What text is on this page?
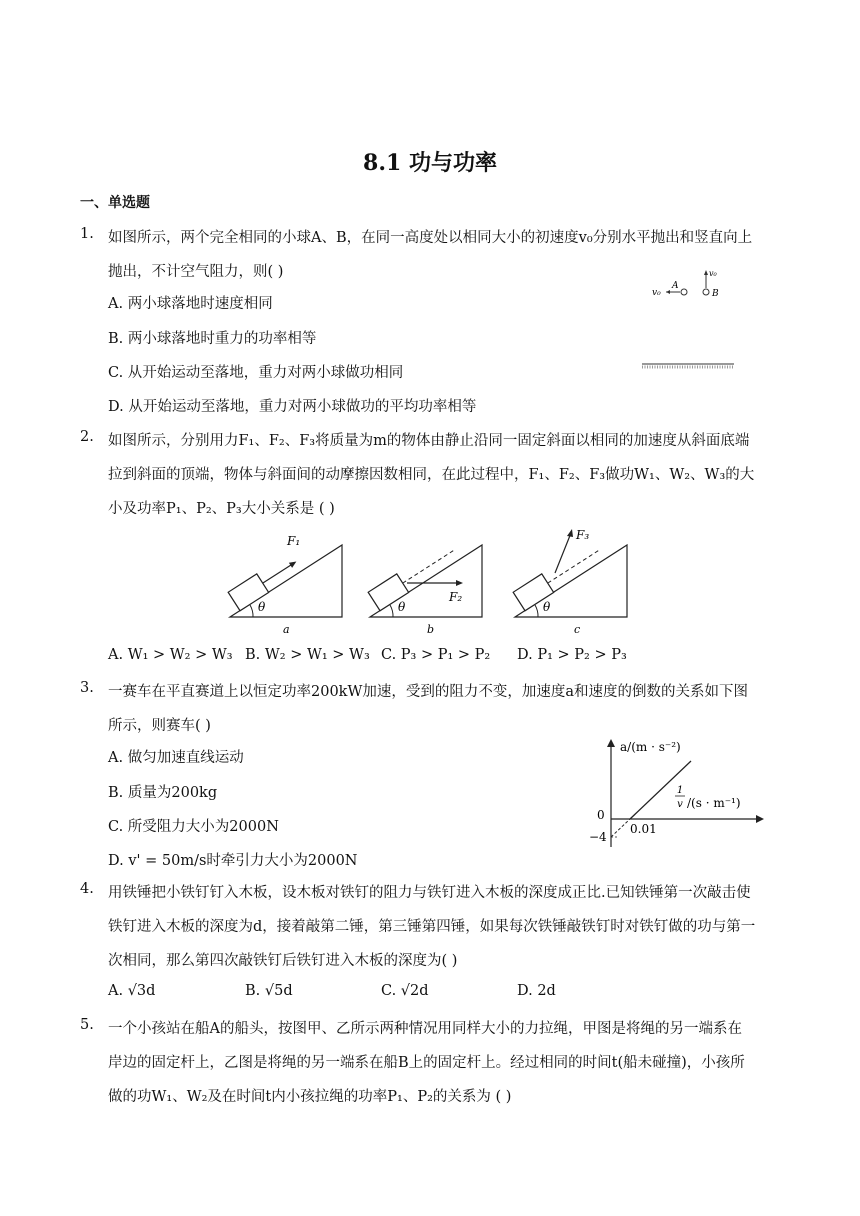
8.1 功与功率
一、单选题
1. 如图所示，两个完全相同的小球A、B，在同一高度处以相同大小的初速度v₀分别水平抛出和竖直向上
抛出，不计空气阻力，则( )
A. 两小球落地时速度相同
B. 两小球落地时重力的功率相等
C. 从开始运动至落地，重力对两小球做功相同
D. 从开始运动至落地，重力对两小球做功的平均功率相等
v₀
A
v₀
B
2. 如图所示，分别用力F₁、F₂、F₃将质量为m的物体由静止沿同一固定斜面以相同的加速度从斜面底端
拉到斜面的顶端，物体与斜面间的动摩擦因数相同，在此过程中，F₁、F₂、F₃做功W₁、W₂、W₃的大
小及功率P₁、P₂、P₃大小关系是 ( )
θ
F₁
a
θ
F₂
b
θ
F₃
c
A. W₁ > W₂ > W₃ B. W₂ > W₁ > W₃ C. P₃ > P₁ > P₂ D. P₁ > P₂ > P₃
3. 一赛车在平直赛道上以恒定功率200kW加速，受到的阻力不变，加速度a和速度的倒数的关系如下图
所示，则赛车( )
A. 做匀加速直线运动
B. 质量为200kg
C. 所受阻力大小为2000N
D. v' = 50m/s时牵引力大小为2000N
a/(m · s⁻²)
1
v /(s · m⁻¹)
0
−4
0.01
4. 用铁锤把小铁钉钉入木板，设木板对铁钉的阻力与铁钉进入木板的深度成正比.已知铁锤第一次敲击使
铁钉进入木板的深度为d，接着敲第二锤，第三锤第四锤，如果每次铁锤敲铁钉时对铁钉做的功与第一
次相同，那么第四次敲铁钉后铁钉进入木板的深度为( )
A. √3d	B. √5d	C. √2d	D. 2d
5. 一个小孩站在船A的船头，按图甲、乙所示两种情况用同样大小的力拉绳，甲图是将绳的另一端系在
岸边的固定杆上，乙图是将绳的另一端系在船B上的固定杆上。经过相同的时间t(船未碰撞)，小孩所
做的功W₁、W₂及在时间t内小孩拉绳的功率P₁、P₂的关系为 ( )
